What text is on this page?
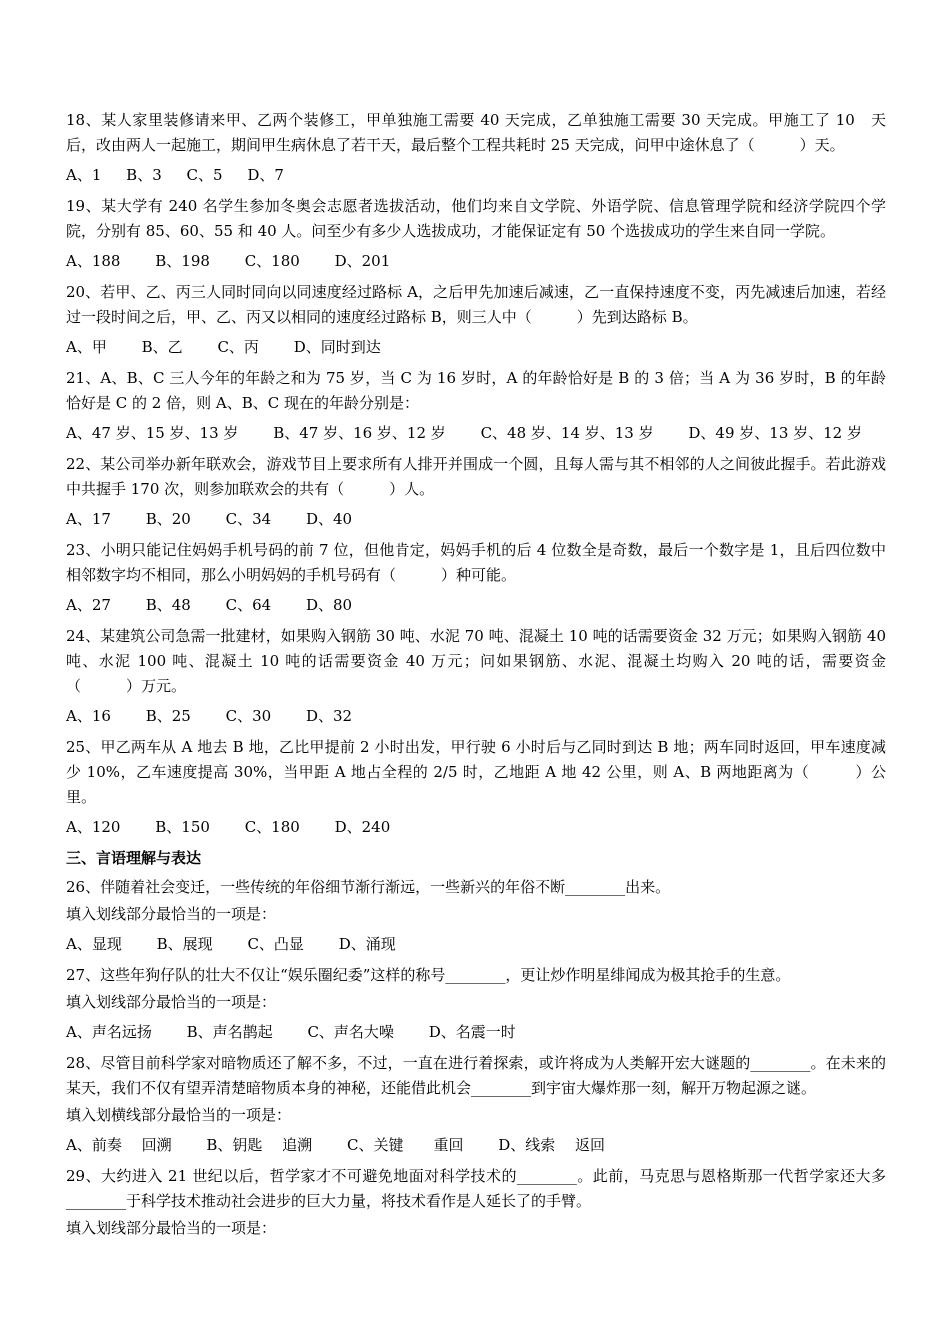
18、某人家里装修请来甲、乙两个装修工，甲单独施工需要 40 天完成，乙单独施工需要 30 天完成。甲施工了 10　天后，改由两人一起施工，期间甲生病休息了若干天，最后整个工程共耗时 25 天完成，问甲中途休息了（　　　）天。

A、1 B、3 C、5 D、7

19、某大学有 240 名学生参加冬奥会志愿者选拔活动，他们均来自文学院、外语学院、信息管理学院和经济学院四个学院，分别有 85、60、55 和 40 人。问至少有多少人选拔成功，才能保证定有 50 个选拔成功的学生来自同一学院。

A、188 B、198 C、180 D、201

20、若甲、乙、丙三人同时同向以同速度经过路标 A，之后甲先加速后减速，乙一直保持速度不变，丙先减速后加速，若经过一段时间之后，甲、乙、丙又以相同的速度经过路标 B，则三人中（　　　）先到达路标 B。

A、甲 B、乙 C、丙 D、同时到达

21、A、B、C 三人今年的年龄之和为 75 岁，当 C 为 16 岁时，A 的年龄恰好是 B 的 3 倍；当 A 为 36 岁时，B 的年龄恰好是 C 的 2 倍，则 A、B、C 现在的年龄分别是：

A、47 岁、15 岁、13 岁 B、47 岁、16 岁、12 岁 C、48 岁、14 岁、13 岁 D、49 岁、13 岁、12 岁

22、某公司举办新年联欢会，游戏节目上要求所有人排开并围成一个圆，且每人需与其不相邻的人之间彼此握手。若此游戏中共握手 170 次，则参加联欢会的共有（　　　）人。

A、17 B、20 C、34 D、40

23、小明只能记住妈妈手机号码的前 7 位，但他肯定，妈妈手机的后 4 位数全是奇数，最后一个数字是 1，且后四位数中相邻数字均不相同，那么小明妈妈的手机号码有（　　　）种可能。

A、27 B、48 C、64 D、80

24、某建筑公司急需一批建材，如果购入钢筋 30 吨、水泥 70 吨、混凝土 10 吨的话需要资金 32 万元；如果购入钢筋 40 吨、水泥 100 吨、混凝土 10 吨的话需要资金 40 万元；问如果钢筋、水泥、混凝土均购入 20 吨的话，需要资金（　　　）万元。

A、16 B、25 C、30 D、32

25、甲乙两车从 A 地去 B 地，乙比甲提前 2 小时出发，甲行驶 6 小时后与乙同时到达 B 地；两车同时返回，甲车速度减少 10%，乙车速度提高 30%，当甲距 A 地占全程的 2/5 时，乙地距 A 地 42 公里，则 A、B 两地距离为（　　　）公里。

A、120 B、150 C、180 D、240
三、言语理解与表达

26、伴随着社会变迁，一些传统的年俗细节渐行渐远，一些新兴的年俗不断________出来。

填入划线部分最恰当的一项是：
A、显现 B、展现 C、凸显 D、涌现

27、这些年狗仔队的壮大不仅让“娱乐圈纪委”这样的称号________，更让炒作明星绯闻成为极其抢手的生意。

填入划线部分最恰当的一项是：
A、声名远扬 B、声名鹊起 C、声名大噪 D、名震一时

28、尽管目前科学家对暗物质还了解不多，不过，一直在进行着探索，或许将成为人类解开宏大谜题的________。在未来的某天，我们不仅有望弄清楚暗物质本身的神秘，还能借此机会________到宇宙大爆炸那一刻，解开万物起源之谜。

填入划横线部分最恰当的一项是：
A、前奏　 回溯 B、钥匙　 追溯 C、关键　　重回 D、线索　 返回

29、大约进入 21 世纪以后，哲学家才不可避免地面对科学技术的________。此前，马克思与恩格斯那一代哲学家还大多________于科学技术推动社会进步的巨大力量，将技术看作是人延长了的手臂。

填入划线部分最恰当的一项是：
